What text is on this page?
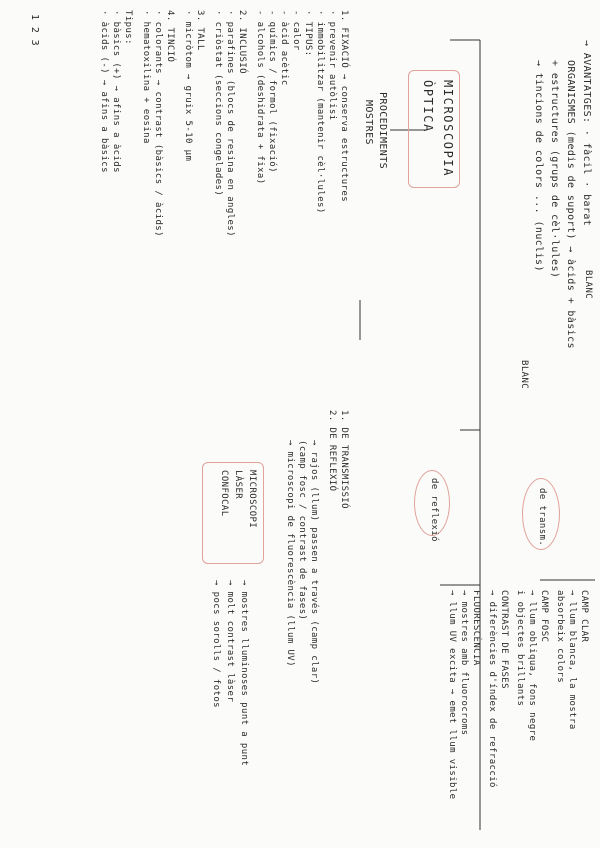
1 2 3
→ AVANTATGES: · fàcil · barat
ORGANISMES (medis de suport) → àcids + bàsics
+ estructures (grups de cèl·lules)
→ tincions de colors ... (nuclis)
BLANC
BLANC
MICROSCOPIA
ÒPTICA
PROCEDIMENTS
MOSTRES
1. FIXACIÓ → conserva estructures
· prevenir autòlisi
· immobilitzar (mantenir cèl·lules)
· TIPUS:
- calor
- àcid acètic
- químics / formol (fixació)
- alcohols (deshidrata + fixa)
2. INCLUSIÓ
· parafines (blocs de resina en angles)
· criòstat (seccions congelades)
3. TALL
· micròtom → gruix 5-10 µm
4. TINCIÓ
· colorants → contrast (bàsics / àcids)
· hematoxilina + eosina
Tipus:
· bàsics (+) → afins a àcids
· àcids (-) → afins a bàsics
1. DE TRANSMISSIÓ
2. DE REFLEXIÓ
→ rajos (llum) passen a través (camp clar)
(camp fosc / contrast de fases)
→ microscopi de fluorescència (llum UV)	de reflexió	de transm.
MICROSCOPI
LÀSER
CONFOCAL
→ mostres lluminoses punt a punt
→ molt contrast làser
→ pocs sorolls / fotos	CAMP CLAR
→ llum blanca, la mostra
absorbeix colors
CAMP FOSC
→ llum obliqua, fons negre
i objectes brillants
CONTRAST DE FASES
→ diferències d'índex de refracció
FLUORESCÈNCIA
→ mostres amb fluorocroms
→ llum UV excita → emet llum visible
